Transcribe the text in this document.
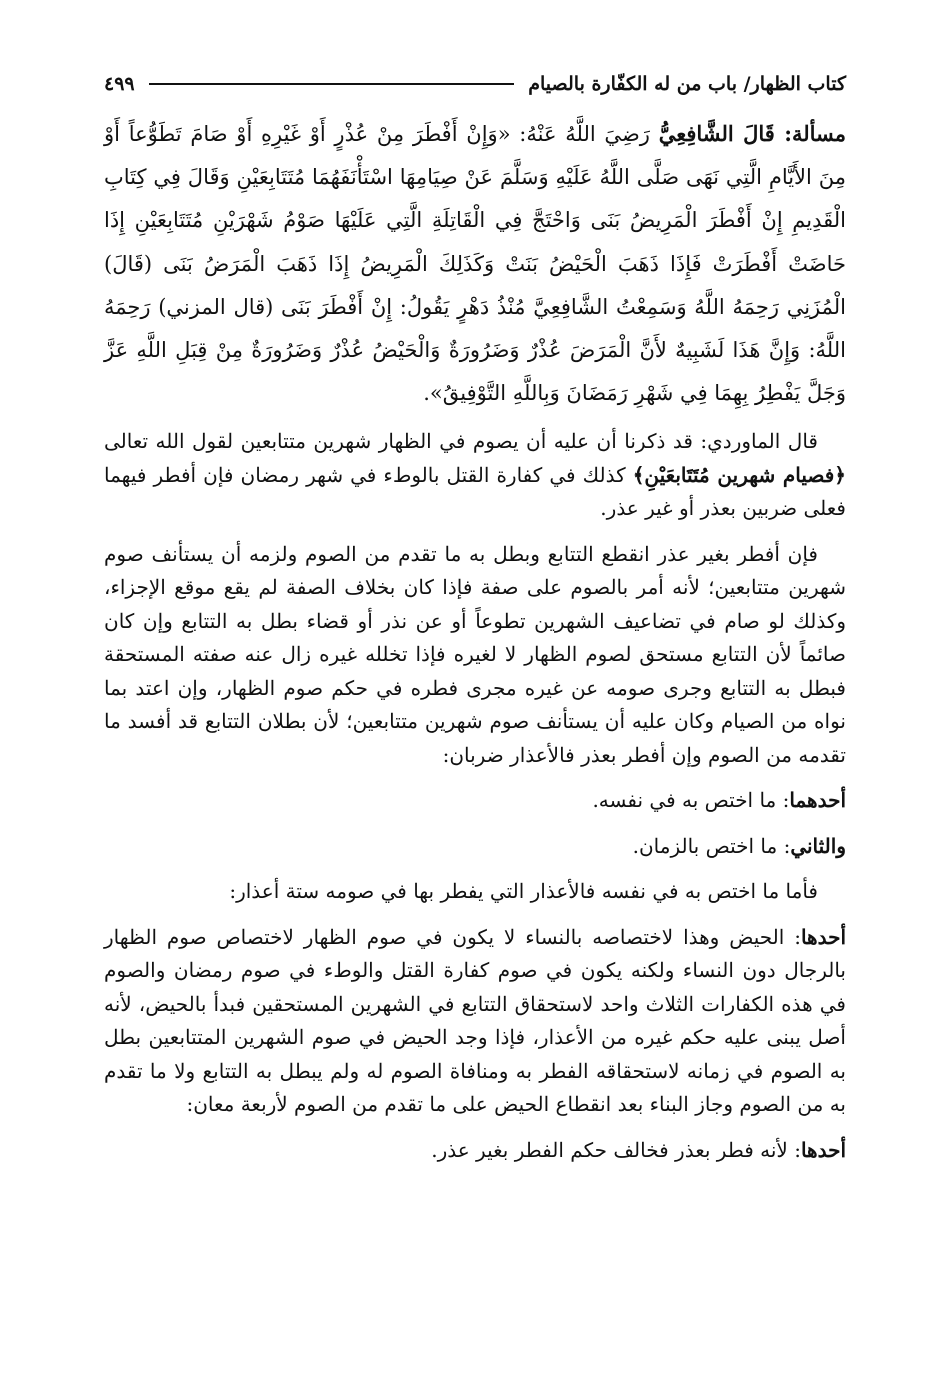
كتاب الظهار/ باب من له الكفّارة بالصيام
٤٩٩

مسألة: قَالَ الشَّافِعِيُّ رَضِيَ اللَّهُ عَنْهُ: «وَإِنْ أَفْطَرَ مِنْ عُذْرٍ أَوْ غَيْرِهِ أَوْ صَامَ تَطَوُّعاً أَوْ مِنَ الأَيَّامِ الَّتِي نَهَى صَلَّى اللَّهُ عَلَيْهِ وَسَلَّمَ عَنْ صِيَامِهَا اسْتَأْنَفَهُمَا مُتَتَابِعَيْنِ وَقَالَ فِي كِتَابِ الْقَدِيمِ إِنْ أَفْطَرَ الْمَرِيضُ بَنَى وَاحْتَجَّ فِي الْقَاتِلَةِ الَّتِي عَلَيْهَا صَوْمُ شَهْرَيْنِ مُتَتَابِعَيْنِ إِذَا حَاضَتْ أَفْطَرَتْ فَإِذَا ذَهَبَ الْحَيْضُ بَنَتْ وَكَذَلِكَ الْمَرِيضُ إِذَا ذَهَبَ الْمَرَضُ بَنَى (قَالَ) الْمُزَنِي رَحِمَهُ اللَّهُ وَسَمِعْتُ الشَّافِعِيَّ مُنْذُ دَهْرٍ يَقُولُ: إِنْ أَفْطَرَ بَنَى (قال المزني) رَحِمَهُ اللَّهُ: وَإِنَّ هَذَا لَشَبِيهٌ لأَنَّ الْمَرَضَ عُذْرٌ وَضَرُورَةٌ وَالْحَيْضُ عُذْرٌ وَضَرُورَةٌ مِنْ قِبَلِ اللَّهِ عَزَّ وَجَلَّ يَفْطِرُ بِهِمَا فِي شَهْرِ رَمَضَانَ وَبِاللَّهِ التَّوْفِيقُ».

قال الماوردي: قد ذكرنا أن عليه أن يصوم في الظهار شهرين متتابعين لقول الله تعالى ﴿فصيام شهرين مُتَتَابعَيْنِ﴾ كذلك في كفارة القتل بالوطء في شهر رمضان فإن أفطر فيهما فعلى ضربين بعذر أو غير عذر.

فإن أفطر بغير عذر انقطع التتابع وبطل به ما تقدم من الصوم ولزمه أن يستأنف صوم شهرين متتابعين؛ لأنه أمر بالصوم على صفة فإذا كان بخلاف الصفة لم يقع موقع الإجزاء، وكذلك لو صام في تضاعيف الشهرين تطوعاً أو عن نذر أو قضاء بطل به التتابع وإن كان صائماً لأن التتابع مستحق لصوم الظهار لا لغيره فإذا تخلله غيره زال عنه صفته المستحقة فبطل به التتابع وجرى صومه عن غيره مجرى فطره في حكم صوم الظهار، وإن اعتد بما نواه من الصيام وكان عليه أن يستأنف صوم شهرين متتابعين؛ لأن بطلان التتابع قد أفسد ما تقدمه من الصوم وإن أفطر بعذر فالأعذار ضربان:

أحدهما: ما اختص به في نفسه.

والثاني: ما اختص بالزمان.

فأما ما اختص به في نفسه فالأعذار التي يفطر بها في صومه ستة أعذار:

أحدها: الحيض وهذا لاختصاصه بالنساء لا يكون في صوم الظهار لاختصاص صوم الظهار بالرجال دون النساء ولكنه يكون في صوم كفارة القتل والوطء في صوم رمضان والصوم في هذه الكفارات الثلاث واحد لاستحقاق التتابع في الشهرين المستحقين فبدأ بالحيض، لأنه أصل يبنى عليه حكم غيره من الأعذار، فإذا وجد الحيض في صوم الشهرين المتتابعين بطل به الصوم في زمانه لاستحقاقه الفطر به ومنافاة الصوم له ولم يبطل به التتابع ولا ما تقدم به من الصوم وجاز البناء بعد انقطاع الحيض على ما تقدم من الصوم لأربعة معان:

أحدها: لأنه فطر بعذر فخالف حكم الفطر بغير عذر.
